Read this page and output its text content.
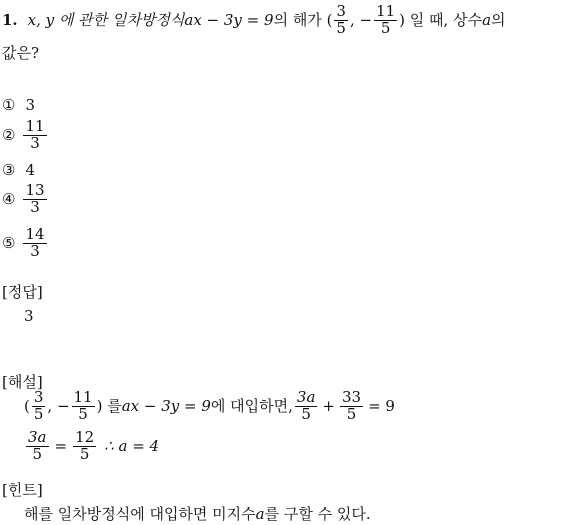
1. x, y 에 관한 일차방정식 ax − 3y = 9 의 해가 ( $\frac{3}{5}$ , − $\frac{11}{5}$ ) 일 때, 상수 a 의
값은?
① 3
② $\frac{11}{3}$
③ 4
④ $\frac{13}{3}$
⑤ $\frac{14}{3}$
[정답]
3
[해설]
( $\frac{3}{5}$ , − $\frac{11}{5}$ ) 를 ax − 3y = 9 에 대입하면, $\frac{3a}{5} + \frac{33}{5} = 9$
$\frac{3a}{5} = \frac{12}{5}$ ∴ a = 4
[힌트]
해를 일차방정식에 대입하면 미지수 a 를 구할 수 있다.
